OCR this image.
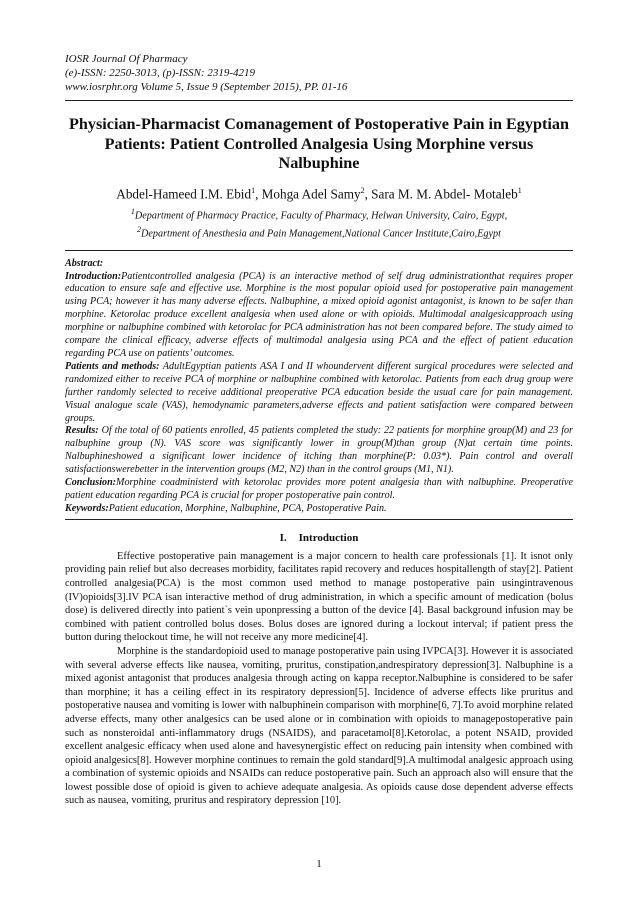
IOSR Journal Of Pharmacy
(e)-ISSN: 2250-3013, (p)-ISSN: 2319-4219
www.iosrphr.org Volume 5, Issue 9 (September 2015), PP. 01-16
Physician-Pharmacist Comanagement of Postoperative Pain in Egyptian Patients: Patient Controlled Analgesia Using Morphine versus Nalbuphine
Abdel-Hameed I.M. Ebid$^1$, Mohga Adel Samy$^2$, Sara M. M. Abdel- Motaleb$^1$
$^1$Department of Pharmacy Practice, Faculty of Pharmacy, Helwan University, Cairo, Egypt,
$^2$Department of Anesthesia and Pain Management,National Cancer Institute,Cairo,Egypt
Abstract:
Introduction:Patientcontrolled analgesia (PCA) is an interactive method of self drug administrationthat requires proper education to ensure safe and effective use. Morphine is the most popular opioid used for postoperative pain management using PCA; however it has many adverse effects. Nalbuphine, a mixed opioid agonist antagonist, is known to be safer than morphine. Ketorolac produce excellent analgesia when used alone or with opioids. Multimodal analgesicapproach using morphine or nalbuphine combined with ketorolac for PCA administration has not been compared before. The study aimed to compare the clinical efficacy, adverse effects of multimodal analgesia using PCA and the effect of patient education regarding PCA use on patients’ outcomes.
Patients and methods: AdultEgyptian patients ASA I and II whoundervent different surgical procedures were selected and randomized either to receive PCA of morphine or nalbuphine combined with ketorolac. Patients from each drug group were further randomly selected to receive additional preoperative PCA education beside the usual care for pain management. Visual analogue scale (VAS), hemodynamic parameters,adverse effects and patient satisfaction were compared between groups.
Results: Of the total of 60 patients enrolled, 45 patients completed the study: 22 patients for morphine group(M) and 23 for nalbuphine group (N). VAS score was significantly lower in group(M)than group (N)at certain time points. Nalbuphineshowed a significant lower incidence of itching than morphine(P: 0.03*). Pain control and overall satisfactionswerebetter in the intervention groups (M2, N2) than in the control groups (M1, N1).
Conclusion:Morphine coadministerd with ketorolac provides more potent analgesia than with nalbuphine. Preoperative patient education regarding PCA is crucial for proper postoperative pain control.
Keywords:Patient education, Morphine, Nalbuphine, PCA, Postoperative Pain.
I. Introduction

Effective postoperative pain management is a major concern to health care professionals [1]. It isnot only providing pain relief but also decreases morbidity, facilitates rapid recovery and reduces hospitallength of stay[2]. Patient controlled analgesia(PCA) is the most common used method to manage postoperative pain usingintravenous (IV)opioids[3].IV PCA isan interactive method of drug administration, in which a specific amount of medication (bolus dose) is delivered directly into patient`s vein uponpressing a button of the device [4]. Basal background infusion may be combined with patient controlled bolus doses. Bolus doses are ignored during a lockout interval; if patient press the button during thelockout time, he will not receive any more medicine[4].

Morphine is the standardopioid used to manage postoperative pain using IVPCA[3]. However it is associated with several adverse effects like nausea, vomiting, pruritus, constipation,andrespiratory depression[3]. Nalbuphine is a mixed agonist antagonist that produces analgesia through acting on kappa receptor.Nalbuphine is considered to be safer than morphine; it has a ceiling effect in its respiratory depression[5]. Incidence of adverse effects like pruritus and postoperative nausea and vomiting is lower with nalbuphinein comparison with morphine[6, 7].To avoid morphine related adverse effects, many other analgesics can be used alone or in combination with opioids to managepostoperative pain such as nonsteroidal anti-inflammatory drugs (NSAIDS), and paracetamol[8].Ketorolac, a potent NSAID, provided excellent analgesic efficacy when used alone and havesynergistic effect on reducing pain intensity when combined with opioid analgesics[8]. However morphine continues to remain the gold standard[9].A multimodal analgesic approach using a combination of systemic opioids and NSAIDs can reduce postoperative pain. Such an approach also will ensure that the lowest possible dose of opioid is given to achieve adequate analgesia. As opioids cause dose dependent adverse effects such as nausea, vomiting, pruritus and respiratory depression [10].

1
